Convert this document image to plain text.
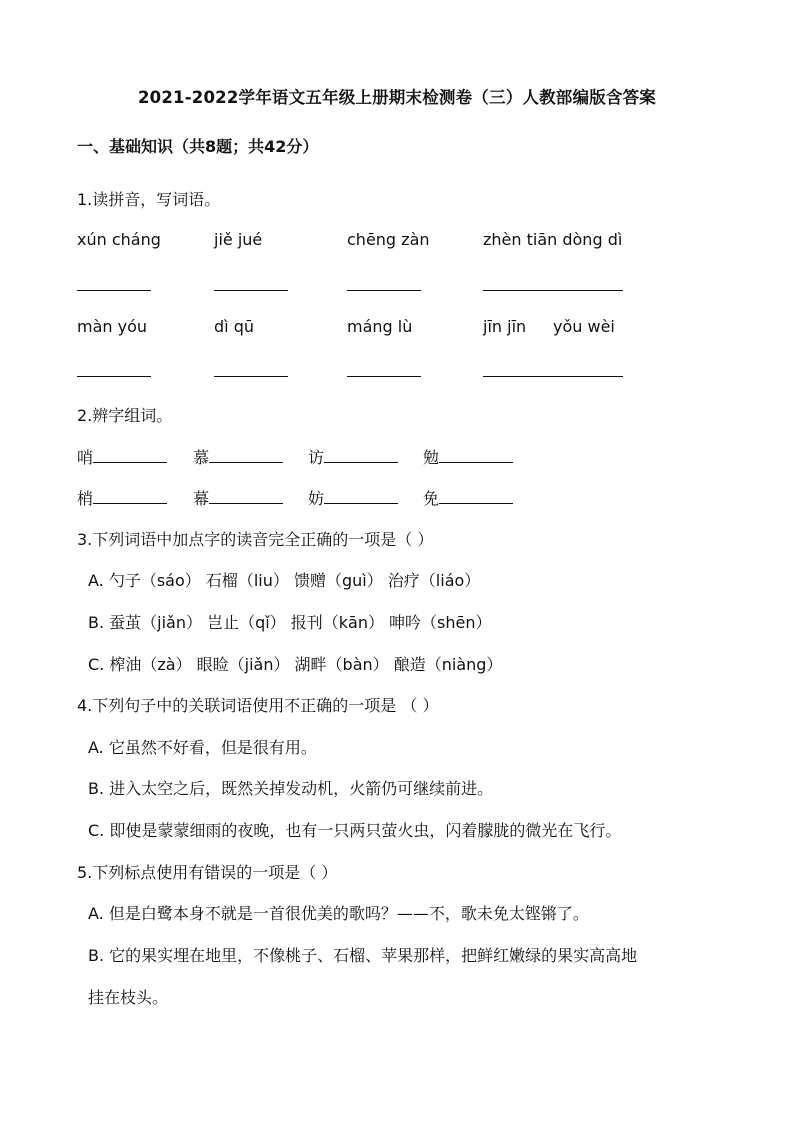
2021-2022学年语文五年级上册期末检测卷（三）人教部编版含答案
一、基础知识（共8题；共42分）
1.读拼音，写词语。
xún cháng	jiě jué	chēng zàn	zhèn tiān dòng dì
màn yóu	dì qū	máng lù	jīn jīn yǒu wèi
2.辨字组词。
哨	慕	访	勉
梢	幕	妨	免
3.下列词语中加点字的读音完全正确的一项是（ ）
A. 勺子（sáo） 石榴（liu） 馈赠（guì） 治疗（liáo）
B. 蚕茧（jiǎn） 岂止（qǐ） 报刊（kān） 呻吟（shēn）
C. 榨油（zà） 眼睑（jiǎn） 湖畔（bàn） 酿造（niàng）
4.下列句子中的关联词语使用不正确的一项是 （ ）
A. 它虽然不好看，但是很有用。
B. 进入太空之后，既然关掉发动机，火箭仍可继续前进。
C. 即使是蒙蒙细雨的夜晚，也有一只两只萤火虫，闪着朦胧的微光在飞行。
5.下列标点使用有错误的一项是（ ）
A. 但是白鹭本身不就是一首很优美的歌吗？——不，歌未免太铿锵了。
B. 它的果实埋在地里，不像桃子、石榴、苹果那样，把鲜红嫩绿的果实高高地
挂在枝头。
